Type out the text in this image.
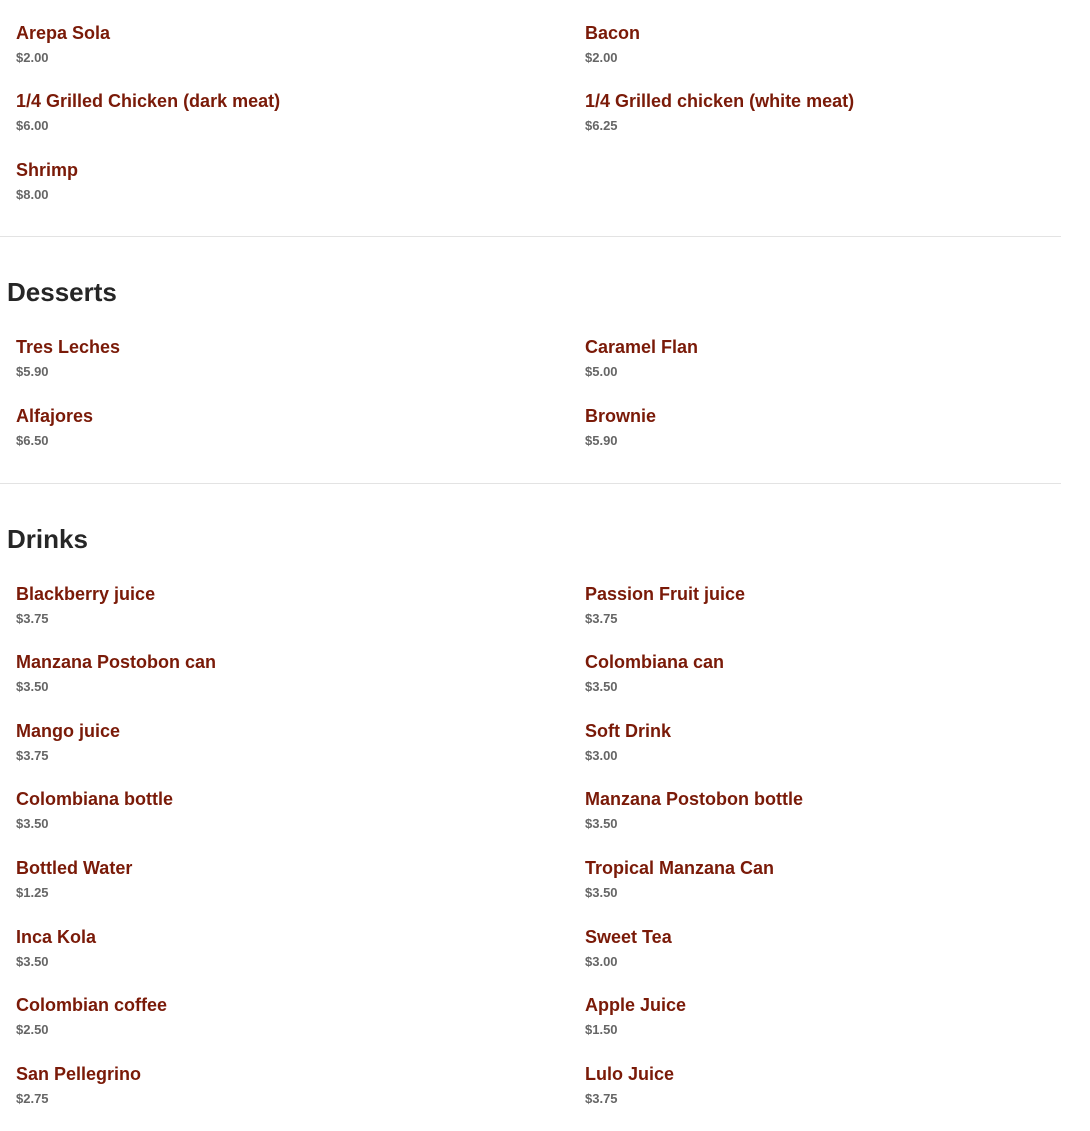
Arepa Sola
$2.00
Bacon
$2.00
1/4 Grilled Chicken (dark meat)
$6.00
1/4 Grilled chicken (white meat)
$6.25
Shrimp
$8.00
Desserts
Tres Leches
$5.90
Caramel Flan
$5.00
Alfajores
$6.50
Brownie
$5.90
Drinks
Blackberry juice
$3.75
Passion Fruit juice
$3.75
Manzana Postobon can
$3.50
Colombiana can
$3.50
Mango juice
$3.75
Soft Drink
$3.00
Colombiana bottle
$3.50
Manzana Postobon bottle
$3.50
Bottled Water
$1.25
Tropical Manzana Can
$3.50
Inca Kola
$3.50
Sweet Tea
$3.00
Colombian coffee
$2.50
Apple Juice
$1.50
San Pellegrino
$2.75
Lulo Juice
$3.75
